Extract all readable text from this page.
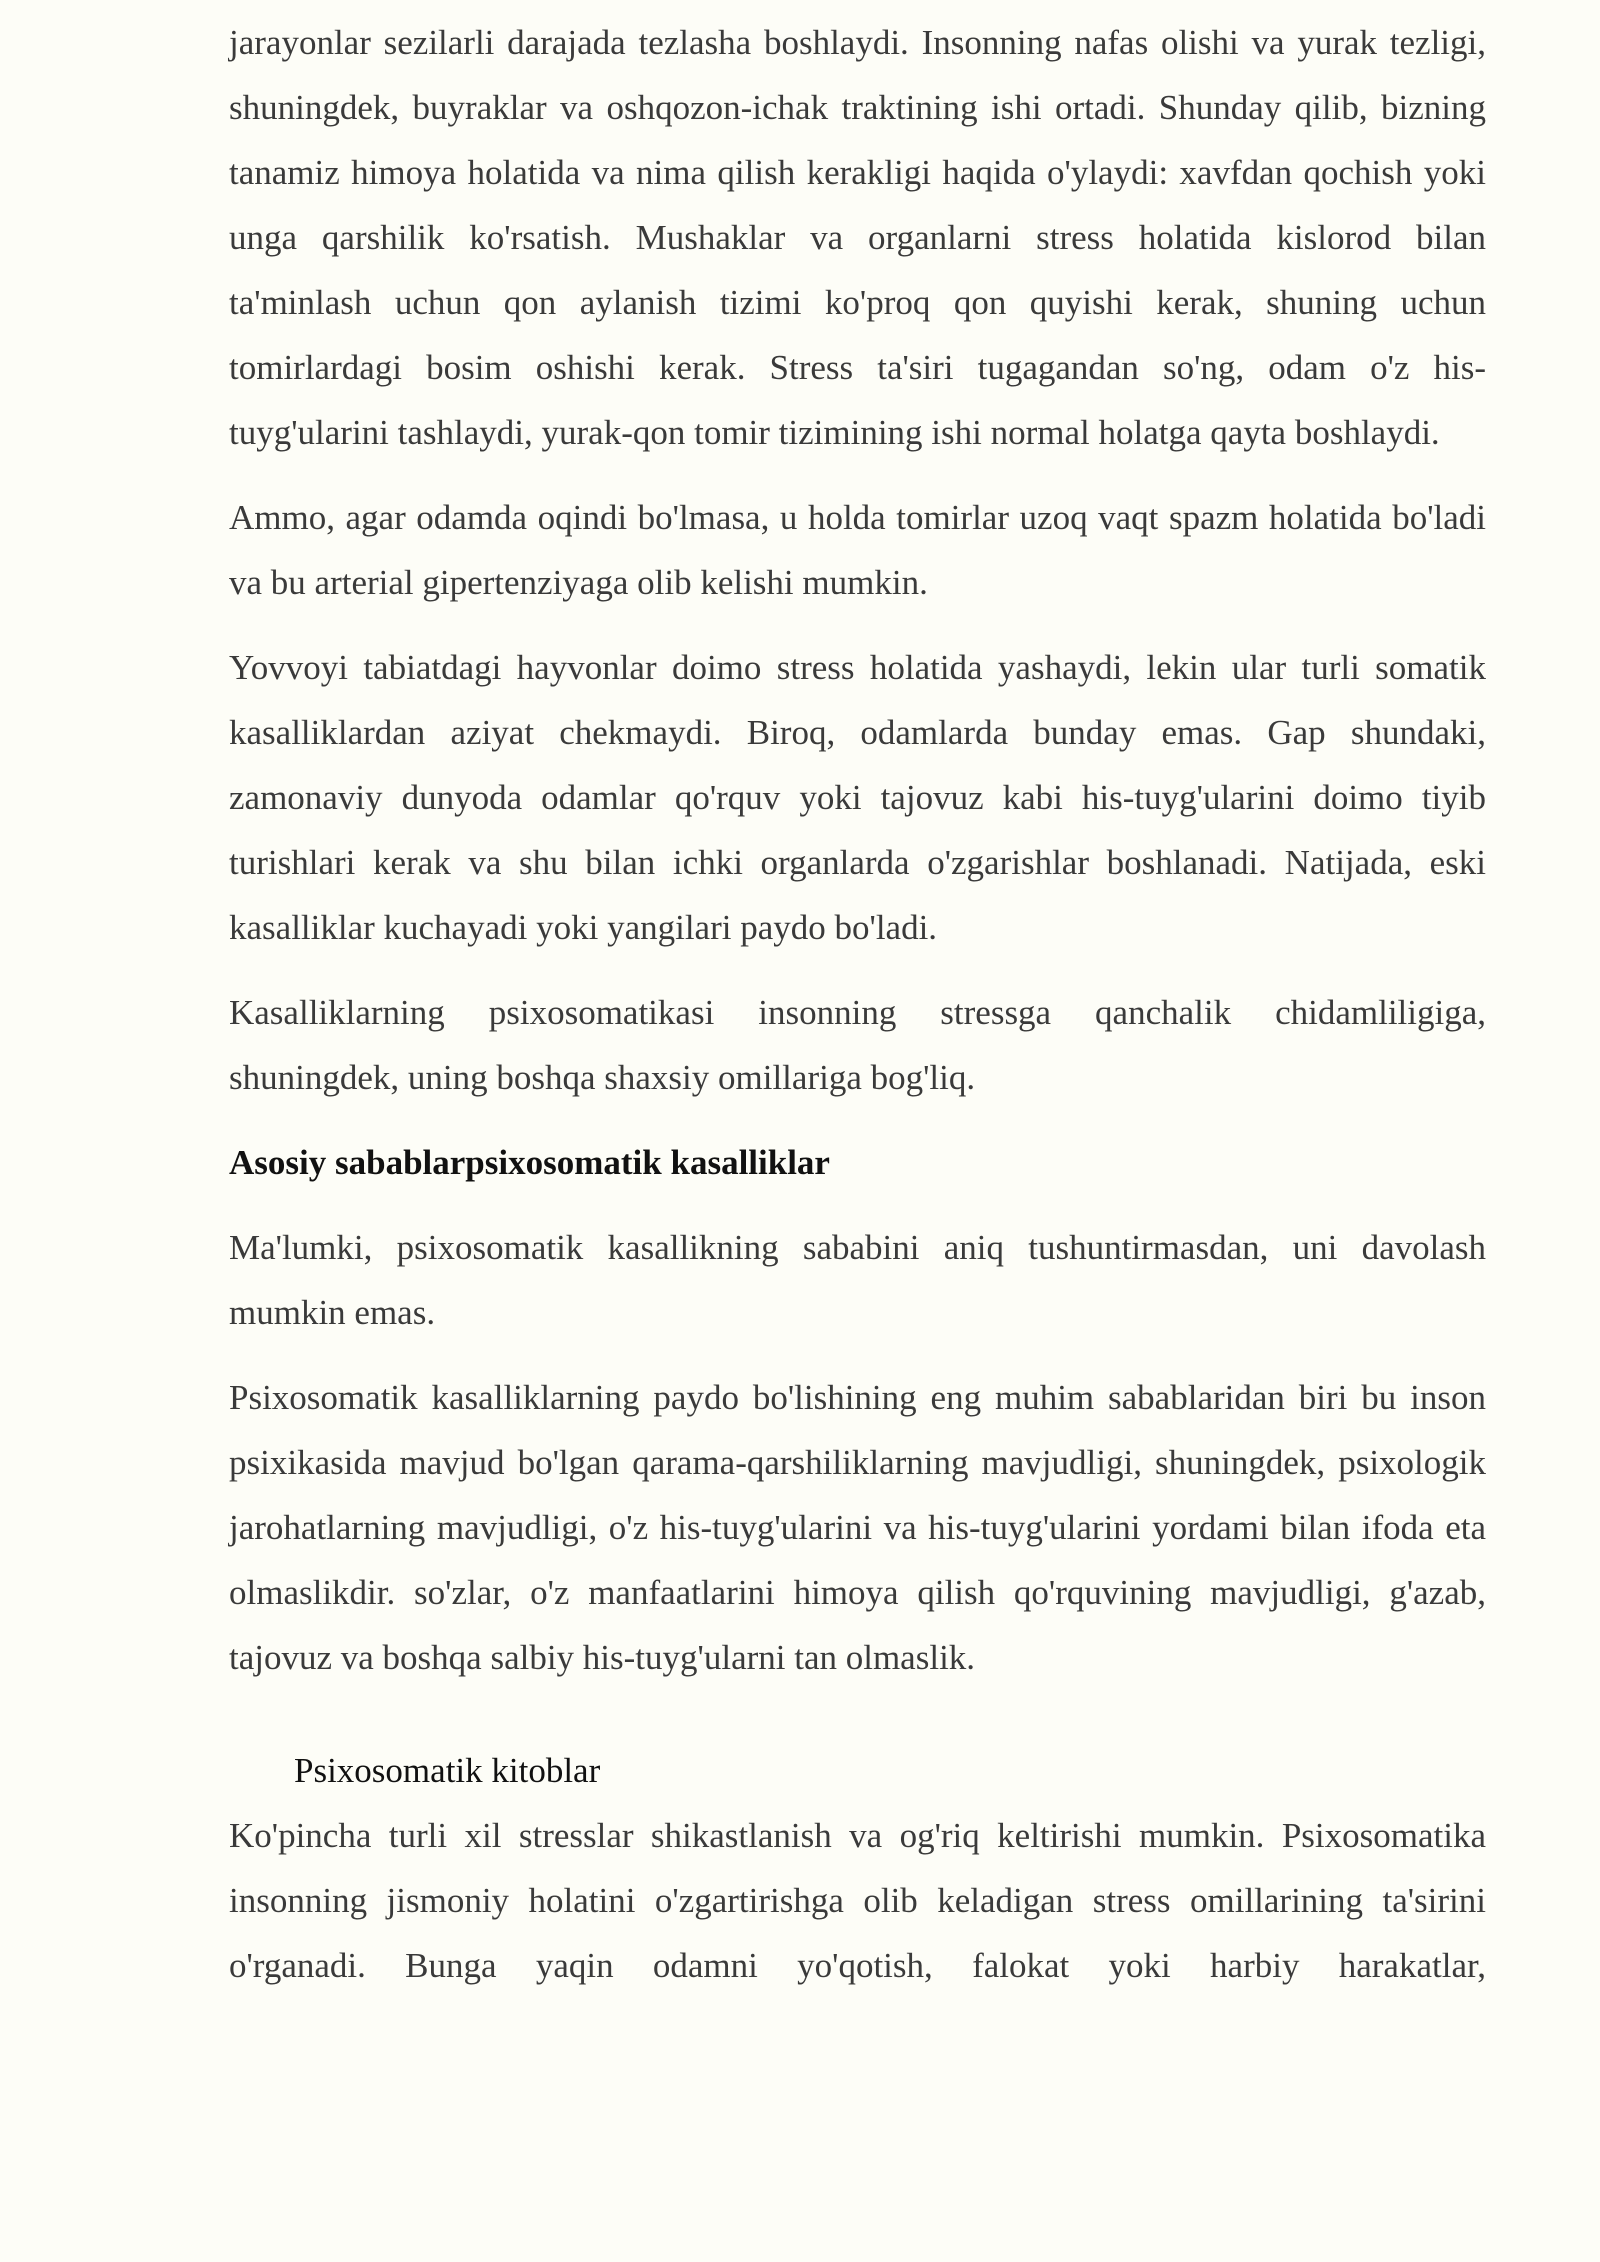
jarayonlar sezilarli darajada tezlasha boshlaydi. Insonning nafas olishi va yurak tezligi, shuningdek, buyraklar va oshqozon-ichak traktining ishi ortadi. Shunday qilib, bizning tanamiz himoya holatida va nima qilish kerakligi haqida o'ylaydi: xavfdan qochish yoki unga qarshilik ko'rsatish. Mushaklar va organlarni stress holatida kislorod bilan ta'minlash uchun qon aylanish tizimi ko'proq qon quyishi kerak, shuning uchun tomirlardagi bosim oshishi kerak. Stress ta'siri tugagandan so'ng, odam o'z his-tuyg'ularini tashlaydi, yurak-qon tomir tizimining ishi normal holatga qayta boshlaydi.

Ammo, agar odamda oqindi bo'lmasa, u holda tomirlar uzoq vaqt spazm holatida bo'ladi va bu arterial gipertenziyaga olib kelishi mumkin.

Yovvoyi tabiatdagi hayvonlar doimo stress holatida yashaydi, lekin ular turli somatik kasalliklardan aziyat chekmaydi. Biroq, odamlarda bunday emas. Gap shundaki, zamonaviy dunyoda odamlar qo'rquv yoki tajovuz kabi his-tuyg'ularini doimo tiyib turishlari kerak va shu bilan ichki organlarda o'zgarishlar boshlanadi. Natijada, eski kasalliklar kuchayadi yoki yangilari paydo bo'ladi.

Kasalliklarning psixosomatikasi insonning stressga qanchalik chidamliligiga, shuningdek, uning boshqa shaxsiy omillariga bog'liq.

Asosiy sabablarpsixosomatik kasalliklar

Ma'lumki, psixosomatik kasallikning sababini aniq tushuntirmasdan, uni davolash mumkin emas.

Psixosomatik kasalliklarning paydo bo'lishining eng muhim sabablaridan biri bu inson psixikasida mavjud bo'lgan qarama-qarshiliklarning mavjudligi, shuningdek, psixologik jarohatlarning mavjudligi, o'z his-tuyg'ularini va his-tuyg'ularini yordami bilan ifoda eta olmaslikdir. so'zlar, o'z manfaatlarini himoya qilish qo'rquvining mavjudligi, g'azab, tajovuz va boshqa salbiy his-tuyg'ularni tan olmaslik.

Psixosomatik kitoblar

Ko'pincha turli xil stresslar shikastlanish va og'riq keltirishi mumkin. Psixosomatika insonning jismoniy holatini o'zgartirishga olib keladigan stress omillarining ta'sirini o'rganadi. Bunga yaqin odamni yo'qotish, falokat yoki harbiy harakatlar,
